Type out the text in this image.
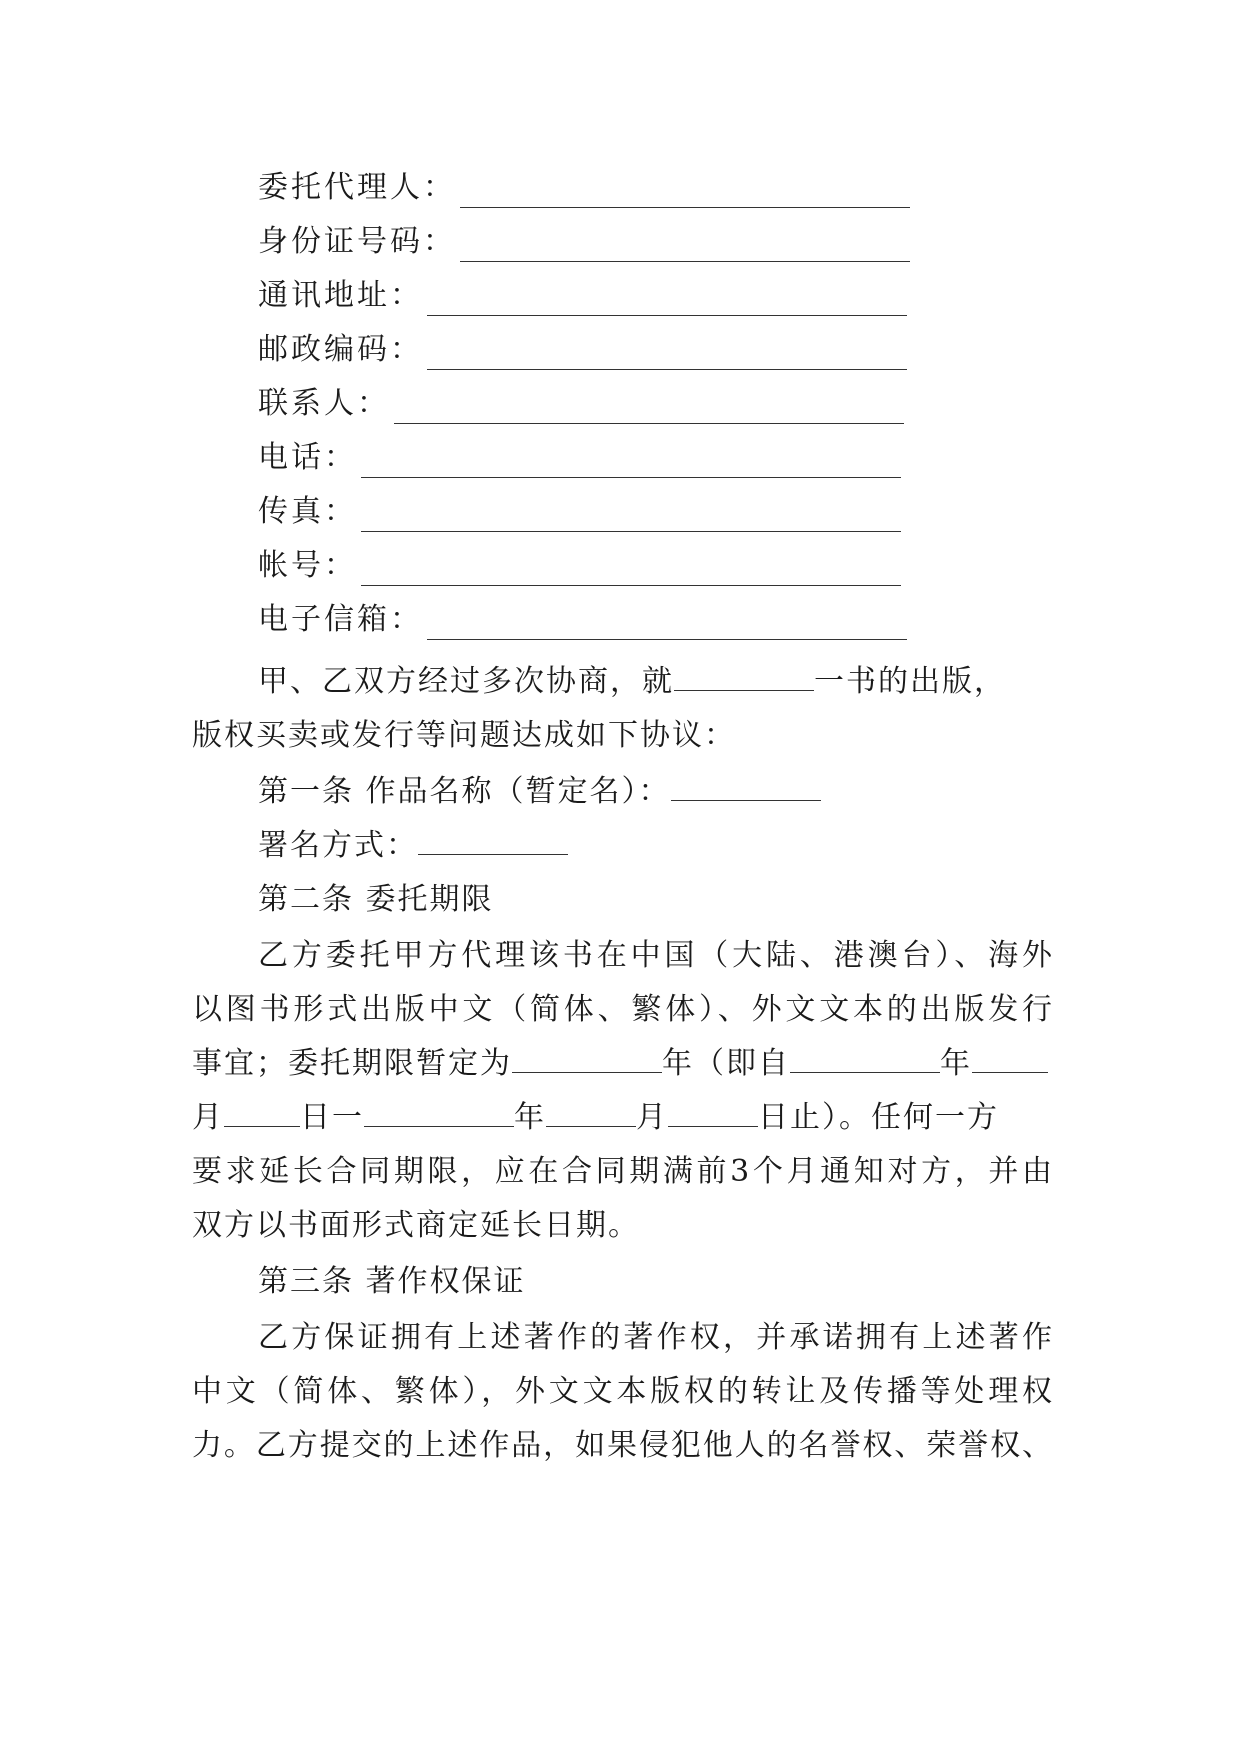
委托代理人：
身份证号码：
通讯地址：
邮政编码：
联系人：
电话：
传真：
帐号：
电子信箱：
甲、乙双方经过多次协商，就	一书的出版，
版权买卖或发行等问题达成如下协议：
第一条 作品名称（暂定名）：
署名方式：
第二条 委托期限
乙方委托甲方代理该书在中国（大陆、港澳台）、海外
以图书形式出版中文（简体、繁体）、外文文本的出版发行
事宜；委托期限暂定为	年（即自	年
月	日一	年	月	日止）。任何一方
要求延长合同期限，应在合同期满前3个月通知对方，并由
双方以书面形式商定延长日期。
第三条 著作权保证
乙方保证拥有上述著作的著作权，并承诺拥有上述著作
中文（简体、繁体），外文文本版权的转让及传播等处理权
力。乙方提交的上述作品，如果侵犯他人的名誉权、荣誉权、
